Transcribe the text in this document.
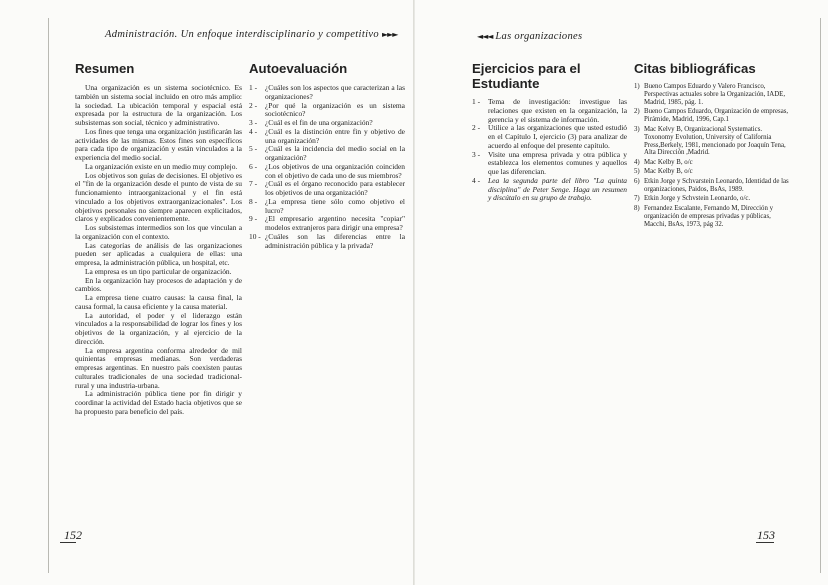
Administración. Un enfoque interdisciplinario y competitivo ►►►
Resumen

Una organización es un sistema sociotécnico. Es también un sistema social incluido en otro más amplio: la sociedad. La ubicación temporal y espacial está expresada por la estructura de la organización. Los subsistemas son social, técnico y administrativo.

Los fines que tenga una organización justificarán las actividades de las mismas. Estos fines son específicos para cada tipo de organización y están vinculados a la experiencia del medio social.

La organización existe en un medio muy complejo.

Los objetivos son guías de decisiones. El objetivo es el "fin de la organización desde el punto de vista de su funcionamiento intraorganizacional y el fin está vinculado a los objetivos extraorganizacionales". Los objetivos personales no siempre aparecen explicitados, claros y explicados convenientemente.

Los subsistemas intermedios son los que vinculan a la organización con el contexto.

Las categorías de análisis de las organizaciones pueden ser aplicadas a cualquiera de ellas: una empresa, la administración pública, un hospital, etc.

La empresa es un tipo particular de organización.

En la organización hay procesos de adaptación y de cambios.

La empresa tiene cuatro causas: la causa final, la causa formal, la causa eficiente y la causa material.

La autoridad, el poder y el liderazgo están vinculados a la responsabilidad de lograr los fines y los objetivos de la organización, y al ejercicio de la dirección.

La empresa argentina conforma alrededor de mil quinientas empresas medianas. Son verdaderas empresas argentinas. En nuestro país coexisten pautas culturales tradicionales de una sociedad tradicional-rural y una industria-urbana.

La administración pública tiene por fin dirigir y coordinar la actividad del Estado hacia objetivos que se ha propuesto para beneficio del país.

Autoevaluación
1 -	¿Cuáles son los aspectos que caracterizan a las organizaciones?
2 -	¿Por qué la organización es un sistema sociotécnico?
3 -	¿Cuál es el fin de una organización?
4 -	¿Cuál es la distinción entre fin y objetivo de una organización?
5 -	¿Cuál es la incidencia del medio social en la organización?
6 -	¿Los objetivos de una organización coinciden con el objetivo de cada uno de sus miembros?
7 -	¿Cuál es el órgano reconocido para establecer los objetivos de una organización?
8 -	¿La empresa tiene sólo como objetivo el lucro?
9 -	¿El empresario argentino necesita "copiar" modelos extranjeros para dirigir una empresa?
10 - ¿Cuáles son las diferencias entre la administración pública y la privada?
152
◄◄◄ Las organizaciones
Ejercicios para el Estudiante
1 -	Tema de investigación: investigue las relaciones que existen en la organización, la gerencia y el sistema de información.
2 -	Utilice a las organizaciones que usted estudió en el Capítulo I, ejercicio (3) para analizar de acuerdo al enfoque del presente capítulo.
3 -	Visite una empresa privada y otra pública y establezca los elementos comunes y aquellos que las diferencian.
4 -	Lea la segunda parte del libro "La quinta disciplina" de Peter Senge. Haga un resumen y discútalo en su grupo de trabajo.
Citas bibliográficas
1) Bueno Campos Eduardo y Valero Francisco, Perspectivas actuales sobre la Organización, IADE, Madrid, 1985, pág. 1.
2) Bueno Campos Eduardo, Organización de empresas, Pirámide, Madrid, 1996, Cap.1
3) Mac Kelvy B, Organizacional Systematics. Toxonomy Evolution, University of California Press,Berkely, 1981, mencionado por Joaquín Tena, Alta Dirección ,Madrid.
4) Mac Kelby B, o/c
5) Mac Kelby B, o/c
6) Etkin Jorge y Schvarstein Leonardo, Identidad de las organizaciones, Paidos, BsAs, 1989.
7) Etkin Jorge y Schvstein Leonardo, o/c.
8) Fernandez Escalante, Fernando M, Dirección y organización de empresas privadas y públicas, Macchi, BsAs, 1973, pág 32.
153
